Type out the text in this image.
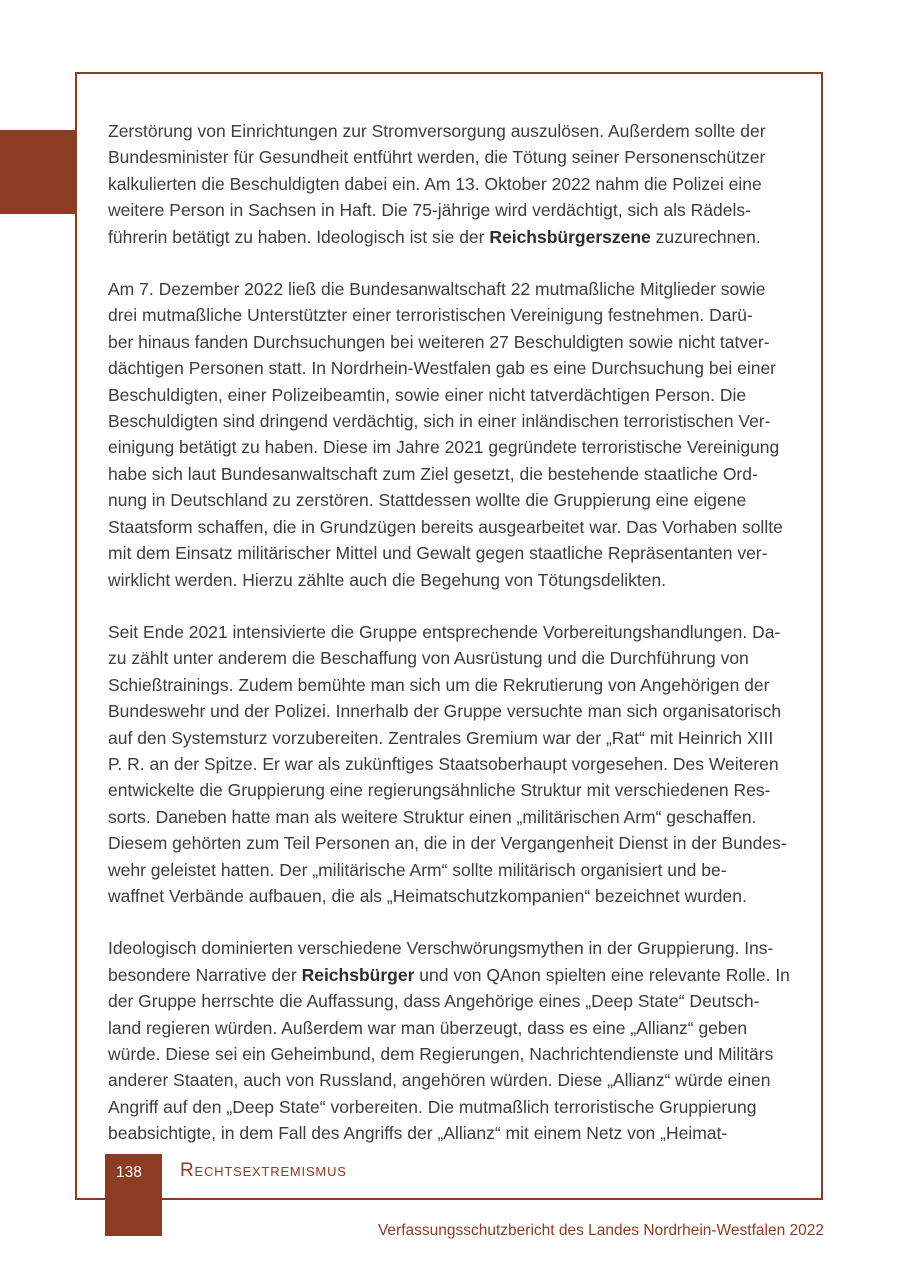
Zerstörung von Einrichtungen zur Stromversorgung auszulösen. Außerdem sollte der
Bundesminister für Gesundheit entführt werden, die Tötung seiner Personenschützer
kalkulierten die Beschuldigten dabei ein. Am 13. Oktober 2022 nahm die Polizei eine
weitere Person in Sachsen in Haft. Die 75-jährige wird verdächtigt, sich als Rädels-
führerin betätigt zu haben. Ideologisch ist sie der Reichsbürgerszene zuzurechnen.

Am 7. Dezember 2022 ließ die Bundesanwaltschaft 22 mutmaßliche Mitglieder sowie
drei mutmaßliche Unterstützter einer terroristischen Vereinigung festnehmen. Darü-
ber hinaus fanden Durchsuchungen bei weiteren 27 Beschuldigten sowie nicht tatver-
dächtigen Personen statt. In Nordrhein-Westfalen gab es eine Durchsuchung bei einer
Beschuldigten, einer Polizeibeamtin, sowie einer nicht tatverdächtigen Person. Die
Beschuldigten sind dringend verdächtig, sich in einer inländischen terroristischen Ver-
einigung betätigt zu haben. Diese im Jahre 2021 gegründete terroristische Vereinigung
habe sich laut Bundesanwaltschaft zum Ziel gesetzt, die bestehende staatliche Ord-
nung in Deutschland zu zerstören. Stattdessen wollte die Gruppierung eine eigene
Staatsform schaffen, die in Grundzügen bereits ausgearbeitet war. Das Vorhaben sollte
mit dem Einsatz militärischer Mittel und Gewalt gegen staatliche Repräsentanten ver-
wirklicht werden. Hierzu zählte auch die Begehung von Tötungsdelikten.

Seit Ende 2021 intensivierte die Gruppe entsprechende Vorbereitungshandlungen. Da-
zu zählt unter anderem die Beschaffung von Ausrüstung und die Durchführung von
Schießtrainings. Zudem bemühte man sich um die Rekrutierung von Angehörigen der
Bundeswehr und der Polizei. Innerhalb der Gruppe versuchte man sich organisatorisch
auf den Systemsturz vorzubereiten. Zentrales Gremium war der „Rat“ mit Heinrich XIII
P. R. an der Spitze. Er war als zukünftiges Staatsoberhaupt vorgesehen. Des Weiteren
entwickelte die Gruppierung eine regierungsähnliche Struktur mit verschiedenen Res-
sorts. Daneben hatte man als weitere Struktur einen „militärischen Arm“ geschaffen.
Diesem gehörten zum Teil Personen an, die in der Vergangenheit Dienst in der Bundes-
wehr geleistet hatten. Der „militärische Arm“ sollte militärisch organisiert und be-
waffnet Verbände aufbauen, die als „Heimatschutzkompanien“ bezeichnet wurden.

Ideologisch dominierten verschiedene Verschwörungsmythen in der Gruppierung. Ins-
besondere Narrative der Reichsbürger und von QAnon spielten eine relevante Rolle. In
der Gruppe herrschte die Auffassung, dass Angehörige eines „Deep State“ Deutsch-
land regieren würden. Außerdem war man überzeugt, dass es eine „Allianz“ geben
würde. Diese sei ein Geheimbund, dem Regierungen, Nachrichtendienste und Militärs
anderer Staaten, auch von Russland, angehören würden. Diese „Allianz“ würde einen
Angriff auf den „Deep State“ vorbereiten. Die mutmaßlich terroristische Gruppierung
beabsichtigte, in dem Fall des Angriffs der „Allianz“ mit einem Netz von „Heimat-

138	Rechtsextremismus
Verfassungsschutzbericht des Landes Nordrhein-Westfalen 2022
